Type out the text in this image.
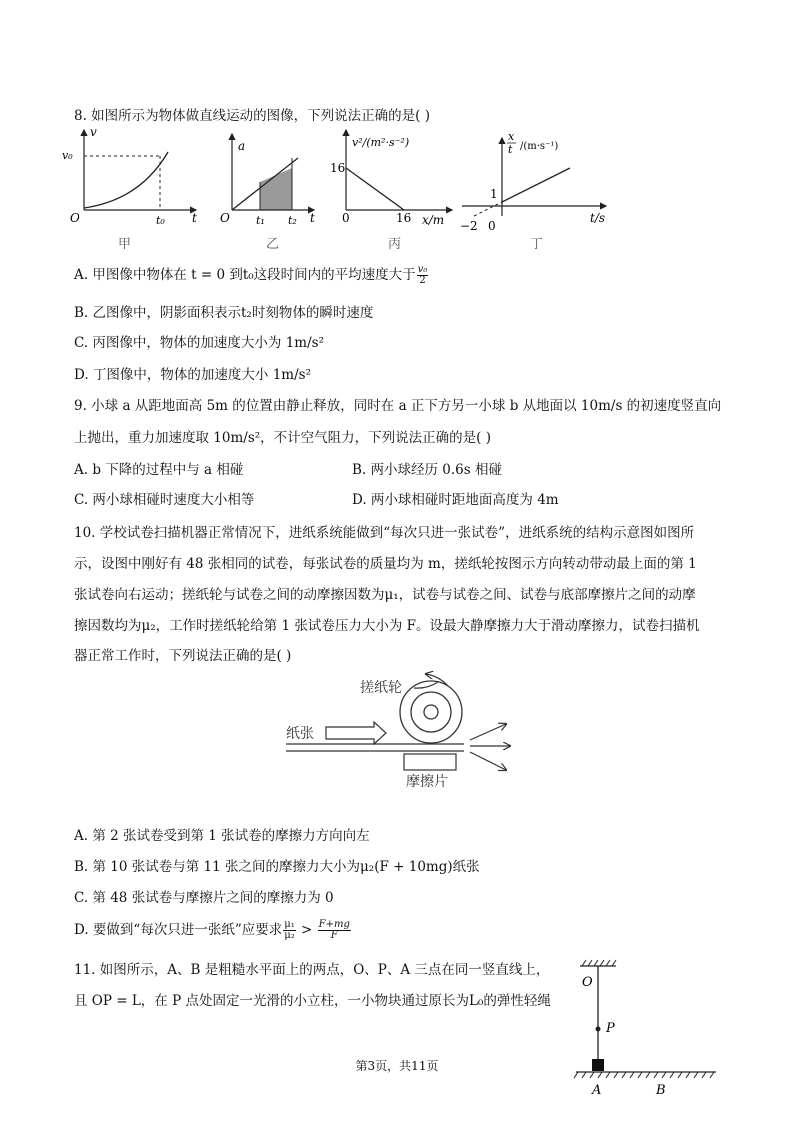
8. 如图所示为物体做直线运动的图像，下列说法正确的是( )
v
v₀
O	t₀ t
甲
a
O t₁ t₂ t
乙
v²/(m²·s⁻²)
16
0	16 x/m
丙
x
t /(m·s⁻¹)
1
−2 0
t/s
丁
A. 甲图像中物体在 t = 0 到t₀这段时间内的平均速度大于 $\frac{\text{v₀}}{2}$
B. 乙图像中，阴影面积表示t₂时刻物体的瞬时速度
C. 丙图像中，物体的加速度大小为 1m/s²
D. 丁图像中，物体的加速度大小 1m/s²
9. 小球 a 从距地面高 5m 的位置由静止释放，同时在 a 正下方另一小球 b 从地面以 10m/s 的初速度竖直向
上抛出，重力加速度取 10m/s²，不计空气阻力，下列说法正确的是( )
A. b 下降的过程中与 a 相碰	B. 两小球经历 0.6s 相碰
C. 两小球相碰时速度大小相等	D. 两小球相碰时距地面高度为 4m
10. 学校试卷扫描机器正常情况下，进纸系统能做到“每次只进一张试卷”，进纸系统的结构示意图如图所
示，设图中刚好有 48 张相同的试卷，每张试卷的质量均为 m，搓纸轮按图示方向转动带动最上面的第 1
张试卷向右运动；搓纸轮与试卷之间的动摩擦因数为μ₁，试卷与试卷之间、试卷与底部摩擦片之间的动摩
擦因数均为μ₂，工作时搓纸轮给第 1 张试卷压力大小为 F。设最大静摩擦力大于滑动摩擦力，试卷扫描机
器正常工作时，下列说法正确的是( )
搓纸轮
纸张
摩擦片
A. 第 2 张试卷受到第 1 张试卷的摩擦力方向向左
B. 第 10 张试卷与第 11 张之间的摩擦力大小为μ₂(F + 10mg)纸张
C. 第 48 张试卷与摩擦片之间的摩擦力为 0
D. 要做到“每次只进一张纸”应要求 $\frac{\text{μ₁}}{\text{μ₂}} > \frac{F+mg}{F}$
11. 如图所示，A、B 是粗糙水平面上的两点，O、P、A 三点在同一竖直线上，
且 OP = L，在 P 点处固定一光滑的小立柱，一小物块通过原长为L₀的弹性轻绳
O
P
A	B
第3页，共11页
